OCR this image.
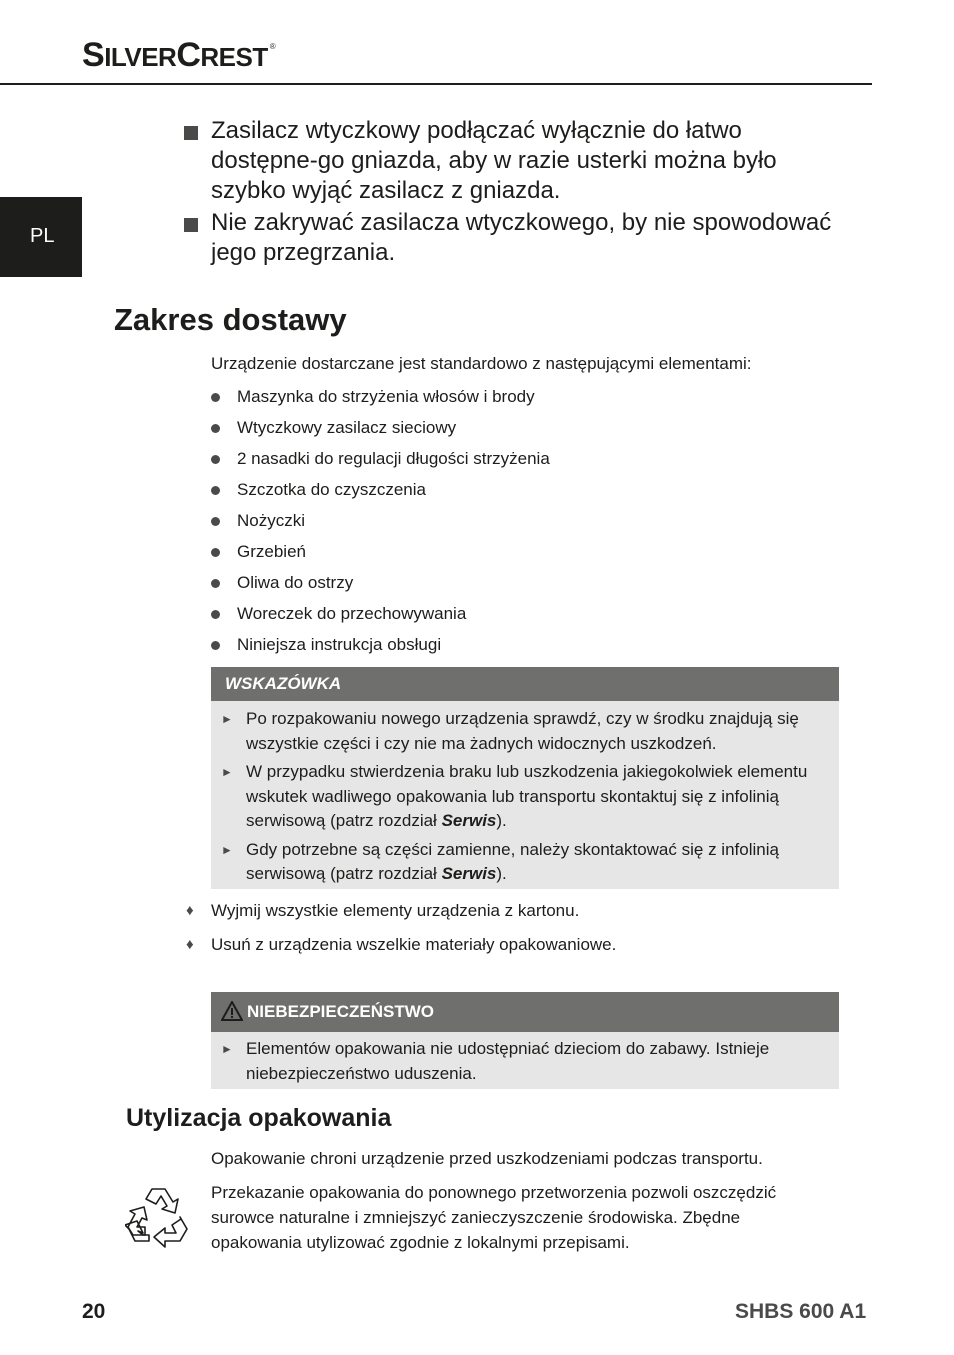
SILVERCREST ®
PL
Zasilacz wtyczkowy podłączać wyłącznie do łatwo dostępne-go gniazda, aby w razie usterki można było szybko wyjąć zasilacz z gniazda.
Nie zakrywać zasilacza wtyczkowego, by nie spowodować jego przegrzania.
Zakres dostawy
Urządzenie dostarczane jest standardowo z następującymi elementami:
Maszynka do strzyżenia włosów i brody
Wtyczkowy zasilacz sieciowy
2 nasadki do regulacji długości strzyżenia
Szczotka do czyszczenia
Nożyczki
Grzebień
Oliwa do ostrzy
Woreczek do przechowywania
Niniejsza instrukcja obsługi
WSKAZÓWKA
► Po rozpakowaniu nowego urządzenia sprawdź, czy w środku znajdują się wszystkie części i czy nie ma żadnych widocznych uszkodzeń.
► W przypadku stwierdzenia braku lub uszkodzenia jakiegokolwiek elementu wskutek wadliwego opakowania lub transportu skontaktuj się z infolinią serwisową (patrz rozdział Serwis).
► Gdy potrzebne są części zamienne, należy skontaktować się z infolinią serwisową (patrz rozdział Serwis).
♦ Wyjmij wszystkie elementy urządzenia z kartonu.
♦ Usuń z urządzenia wszelkie materiały opakowaniowe.
NIEBEZPIECZEŃSTWO
► Elementów opakowania nie udostępniać dzieciom do zabawy. Istnieje niebezpieczeństwo uduszenia.
Utylizacja opakowania
Opakowanie chroni urządzenie przed uszkodzeniami podczas transportu.
Przekazanie opakowania do ponownego przetworzenia pozwoli oszczędzić surowce naturalne i zmniejszyć zanieczyszczenie środowiska. Zbędne opakowania utylizować zgodnie z lokalnymi przepisami.
20	SHBS 600 A1
